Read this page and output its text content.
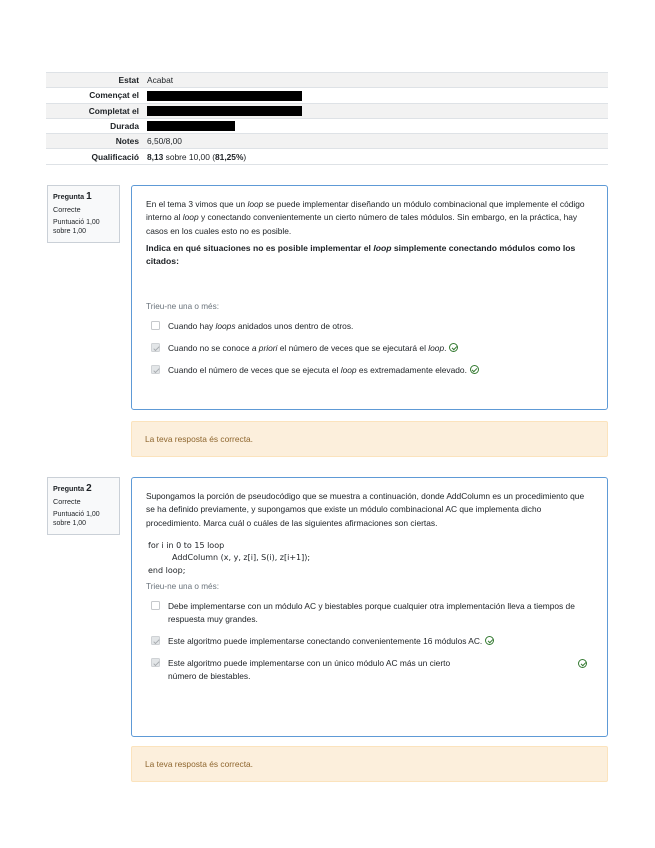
Estat	Acabat
Començat el	
Completat el	
Durada	
Notes	6,50/8,00
Qualificació	8,13 sobre 10,00 (81,25%)
Pregunta 1
Correcte
Puntuació 1,00
sobre 1,00
En el tema 3 vimos que un loop se puede implementar diseñando un módulo combinacional que implemente el código interno al loop y conectando convenientemente un cierto número de tales módulos. Sin embargo, en la práctica, hay casos en los cuales esto no es posible.
Indica en qué situaciones no es posible implementar el loop simplemente conectando módulos como los citados:
Trieu-ne una o més:
Cuando hay loops anidados unos dentro de otros.
Cuando no se conoce a priori el número de veces que se ejecutará el loop.
Cuando el número de veces que se ejecuta el loop es extremadamente elevado.
La teva resposta és correcta.
Pregunta 2
Correcte
Puntuació 1,00
sobre 1,00
Supongamos la porción de pseudocódigo que se muestra a continuación, donde AddColumn es un procedimiento que se ha definido previamente, y supongamos que existe un módulo combinacional AC que implementa dicho procedimiento. Marca cuál o cuáles de las siguientes afirmaciones son ciertas.
for i in 0 to 15 loop
AddColumn (x, y, z[i], S(i), z[i+1]);
end loop;
Trieu-ne una o més:
Debe implementarse con un módulo AC y biestables porque cualquier otra implementación lleva a tiempos de respuesta muy grandes.
Este algoritmo puede implementarse conectando convenientemente 16 módulos AC.
Este algoritmo puede implementarse con un único módulo AC más un cierto número de biestables.
La teva resposta és correcta.
